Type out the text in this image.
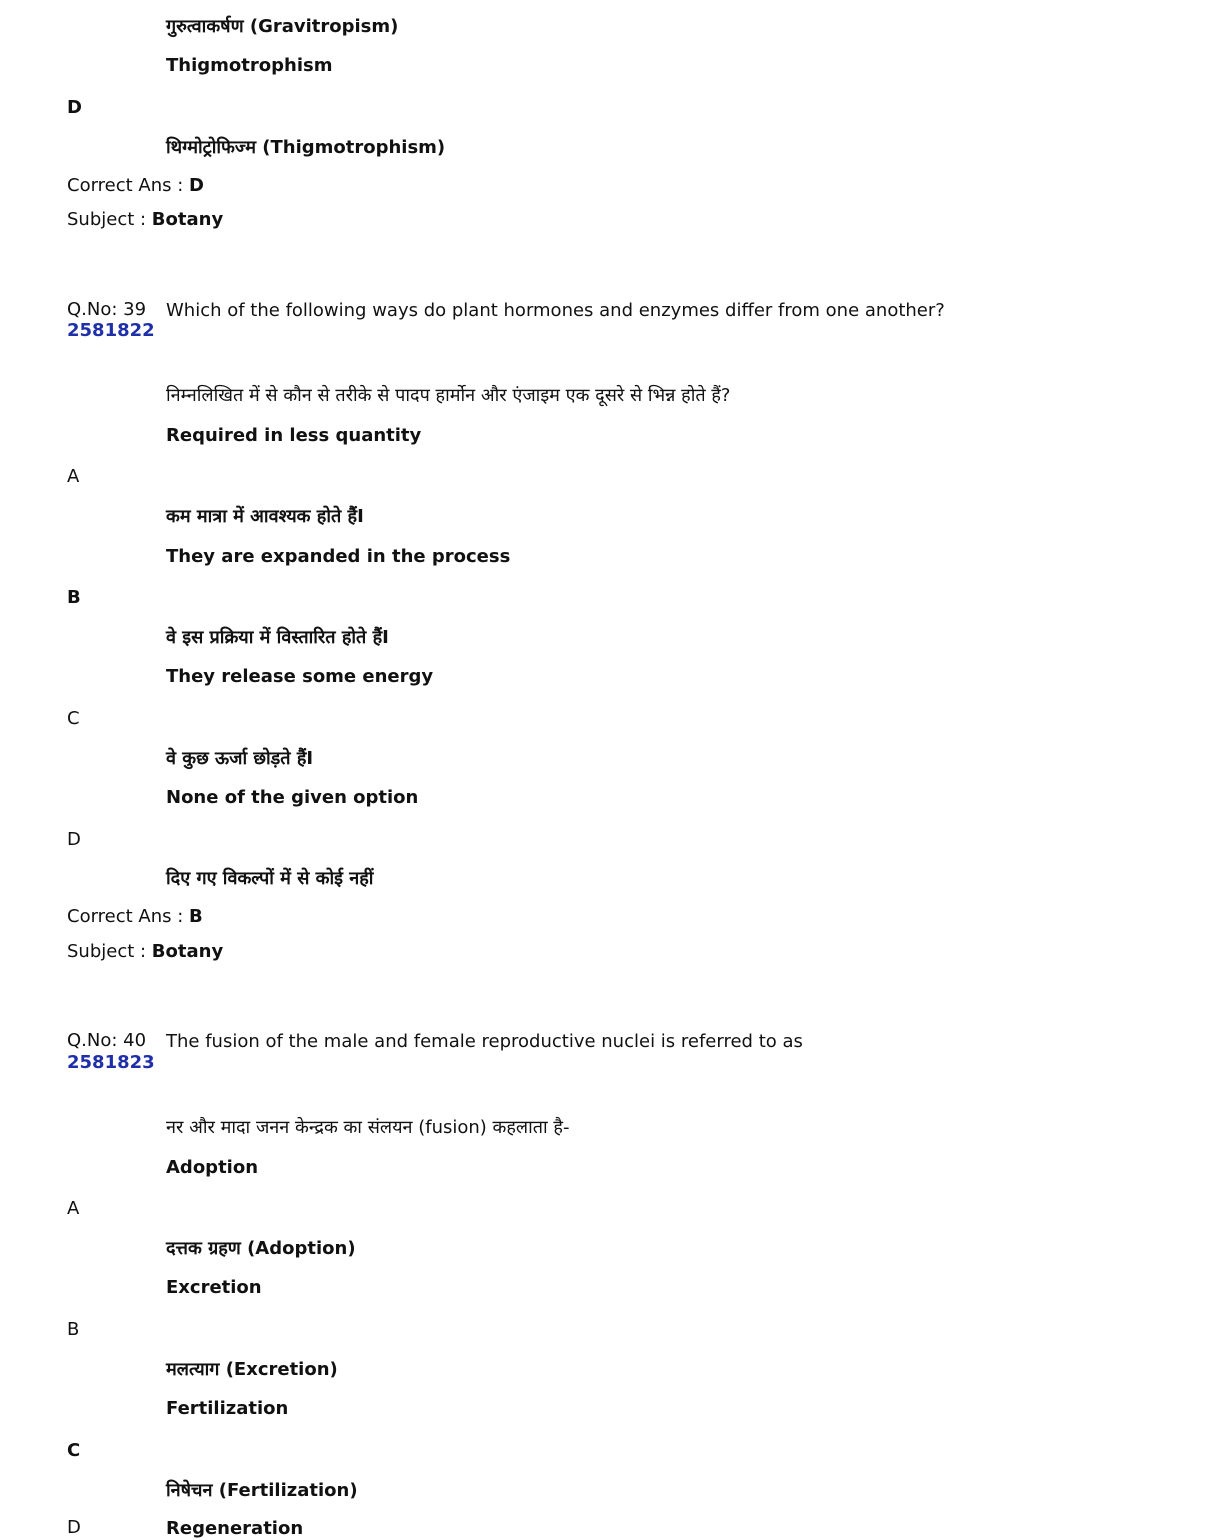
गुरुत्वाकर्षण (Gravitropism)
Thigmotrophism
D
थिग्मोट्रोफिज्म (Thigmotrophism)
Correct Ans : D
Subject : Botany
Q.No: 39 Which of the following ways do plant hormones and enzymes differ from one another?
2581822
निम्नलिखित में से कौन से तरीके से पादप हार्मोन और एंजाइम एक दूसरे से भिन्न होते हैं?
Required in less quantity
A
कम मात्रा में आवश्यक होते हैंI
They are expanded in the process
B
वे इस प्रक्रिया में विस्तारित होते हैंI
They release some energy
C
वे कुछ ऊर्जा छोड़ते हैंI
None of the given option
D
दिए गए विकल्पों में से कोई नहीं
Correct Ans : B
Subject : Botany
Q.No: 40 The fusion of the male and female reproductive nuclei is referred to as
2581823
नर और मादा जनन केन्द्रक का संलयन (fusion) कहलाता है-
Adoption
A
दत्तक ग्रहण (Adoption)
Excretion
B
मलत्याग (Excretion)
Fertilization
C
निषेचन (Fertilization)
D	Regeneration
